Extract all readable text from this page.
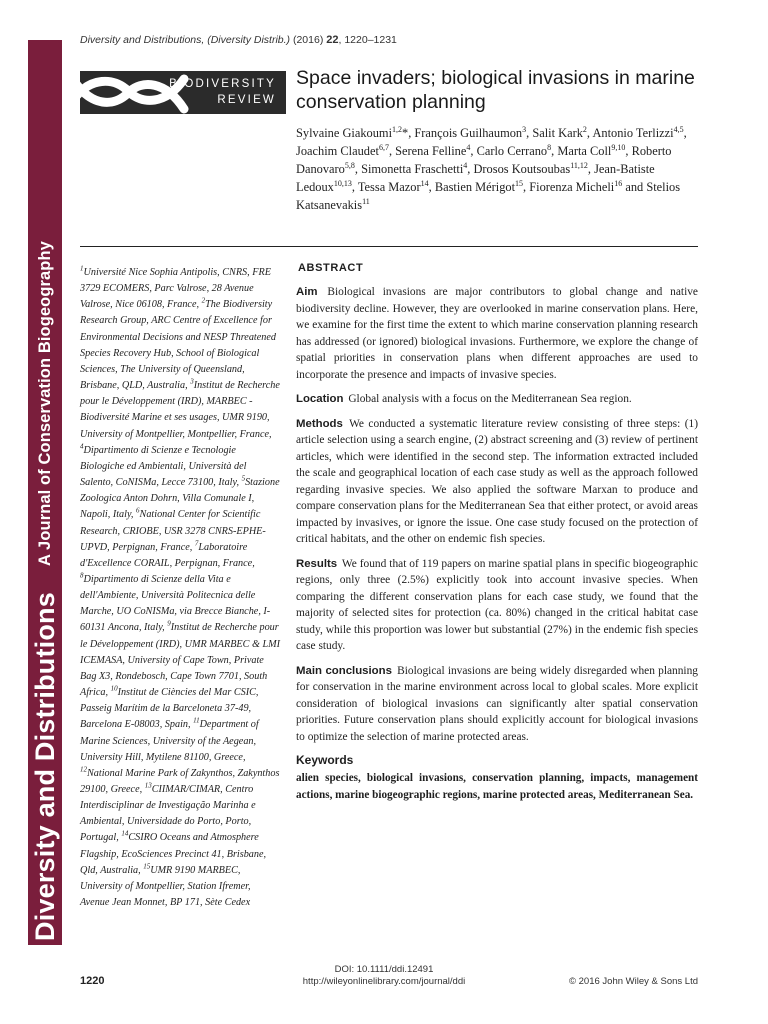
Diversity and Distributions
A Journal of Conservation Biogeography
Diversity and Distributions, (Diversity Distrib.) (2016) 22, 1220–1231
BIODIVERSITY
REVIEW
Space invaders; biological invasions in marine conservation planning
Sylvaine Giakoumi$^{1,2}$*, François Guilhaumon$^3$, Salit Kark$^2$, Antonio Terlizzi$^{4,5}$, Joachim Claudet$^{6,7}$, Serena Felline$^4$, Carlo Cerrano$^8$, Marta Coll$^{9,10}$, Roberto Danovaro$^{5,8}$, Simonetta Fraschetti$^4$, Drosos Koutsoubas$^{11,12}$, Jean-Batiste Ledoux$^{10,13}$, Tessa Mazor$^{14}$, Bastien Mérigot$^{15}$, Fiorenza Micheli$^{16}$ and Stelios Katsanevakis$^{11}$
$^1$Université Nice Sophia Antipolis, CNRS, FRE 3729 ECOMERS, Parc Valrose, 28 Avenue Valrose, Nice 06108, France, $^2$The Biodiversity Research Group, ARC Centre of Excellence for Environmental Decisions and NESP Threatened Species Recovery Hub, School of Biological Sciences, The University of Queensland, Brisbane, QLD, Australia, $^3$Institut de Recherche pour le Développement (IRD), MARBEC - Biodiversité Marine et ses usages, UMR 9190, University of Montpellier, Montpellier, France, $^4$Dipartimento di Scienze e Tecnologie Biologiche ed Ambientali, Università del Salento, CoNISMa, Lecce 73100, Italy, $^5$Stazione Zoologica Anton Dohrn, Villa Comunale I, Napoli, Italy, $^6$National Center for Scientific Research, CRIOBE, USR 3278 CNRS-EPHE-UPVD, Perpignan, France, $^7$Laboratoire d'Excellence CORAIL, Perpignan, France, $^8$Dipartimento di Scienze della Vita e dell'Ambiente, Università Politecnica delle Marche, UO CoNISMa, via Brecce Bianche, I-60131 Ancona, Italy, $^9$Institut de Recherche pour le Développement (IRD), UMR MARBEC & LMI ICEMASA, University of Cape Town, Private Bag X3, Rondebosch, Cape Town 7701, South Africa, $^{10}$Institut de Ciències del Mar CSIC, Passeig Marítim de la Barceloneta 37-49, Barcelona E-08003, Spain, $^{11}$Department of Marine Sciences, University of the Aegean, University Hill, Mytilene 81100, Greece, $^{12}$National Marine Park of Zakynthos, Zakynthos 29100, Greece, $^{13}$CIIMAR/CIMAR, Centro Interdisciplinar de Investigação Marinha e Ambiental, Universidade do Porto, Porto, Portugal, $^{14}$CSIRO Oceans and Atmosphere Flagship, EcoSciences Precinct 41, Brisbane, Qld, Australia, $^{15}$UMR 9190 MARBEC, University of Montpellier, Station Ifremer, Avenue Jean Monnet, BP 171, Sète Cedex
ABSTRACT

Aim Biological invasions are major contributors to global change and native biodiversity decline. However, they are overlooked in marine conservation plans. Here, we examine for the first time the extent to which marine conservation planning research has addressed (or ignored) biological invasions. Furthermore, we explore the change of spatial priorities in conservation plans when different approaches are used to incorporate the presence and impacts of invasive species.

Location Global analysis with a focus on the Mediterranean Sea region.

Methods We conducted a systematic literature review consisting of three steps: (1) article selection using a search engine, (2) abstract screening and (3) review of pertinent articles, which were identified in the second step. The information extracted included the scale and geographical location of each case study as well as the approach followed regarding invasive species. We also applied the software Marxan to produce and compare conservation plans for the Mediterranean Sea that either protect, or avoid areas impacted by invasives, or ignore the issue. One case study focused on the protection of critical habitats, and the other on endemic fish species.

Results We found that of 119 papers on marine spatial plans in specific biogeographic regions, only three (2.5%) explicitly took into account invasive species. When comparing the different conservation plans for each case study, we found that the majority of selected sites for protection (ca. 80%) changed in the critical habitat case study, while this proportion was lower but substantial (27%) in the endemic fish species case study.

Main conclusions Biological invasions are being widely disregarded when planning for conservation in the marine environment across local to global scales. More explicit consideration of biological invasions can significantly alter spatial conservation priorities. Future conservation plans should explicitly account for biological invasions to optimize the selection of marine protected areas.

Keywords

alien species, biological invasions, conservation planning, impacts, management actions, marine biogeographic regions, marine protected areas, Mediterranean Sea.

DOI: 10.1111/ddi.12491
http://wileyonlinelibrary.com/journal/ddi
1220	© 2016 John Wiley & Sons Ltd
